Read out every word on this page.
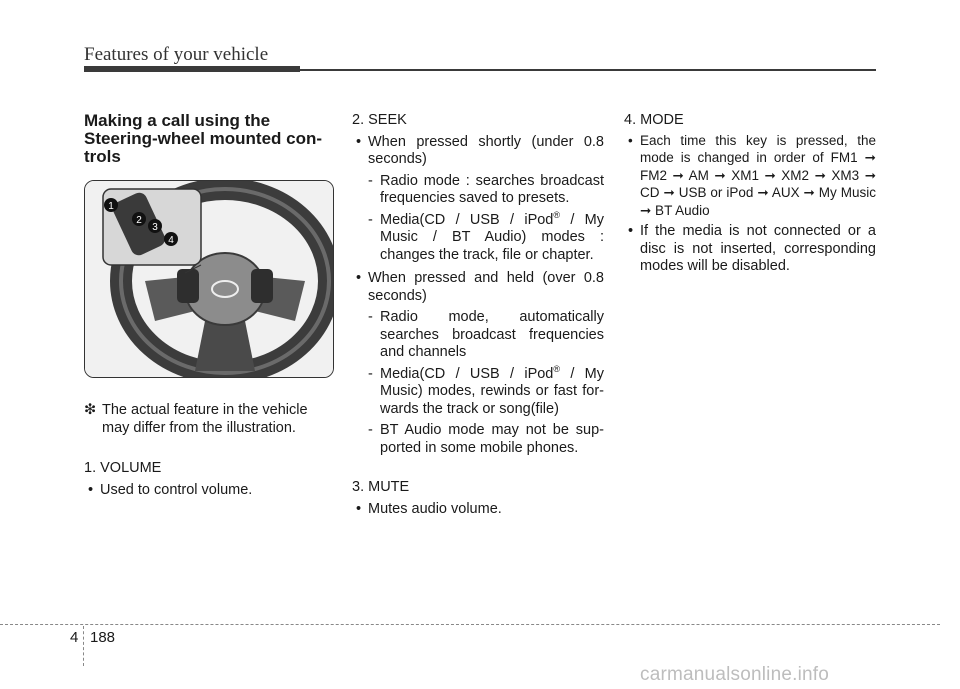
Features of your vehicle
Making a call using the Steering-wheel mounted con- trols
1
2
3
4
❇ The actual feature in the vehicle may differ from the illustration.

1. VOLUME

• Used to control volume.

2. SEEK

• When pressed shortly (under 0.8 seconds)

- Radio mode : searches broadcast frequencies saved to presets.

- Media(CD / USB / iPod® / My Music / BT Audio) modes : changes the track, file or chapter.

• When pressed and held (over 0.8 seconds)

- Radio mode, automatically searches broadcast frequencies and channels

- Media(CD / USB / iPod® / My Music) modes, rewinds or fast for- wards the track or song(file)

- BT Audio mode may not be sup- ported in some mobile phones.

3. MUTE

• Mutes audio volume.

4. MODE

• Each time this key is pressed, the mode is changed in order of FM1 ➞ FM2 ➞ AM ➞ XM1 ➞ XM2 ➞ XM3 ➞ CD ➞ USB or iPod ➞ AUX ➞ My Music ➞ BT Audio

• If the media is not connected or a disc is not inserted, corresponding modes will be disabled.

4 188
carmanualsonline.info
